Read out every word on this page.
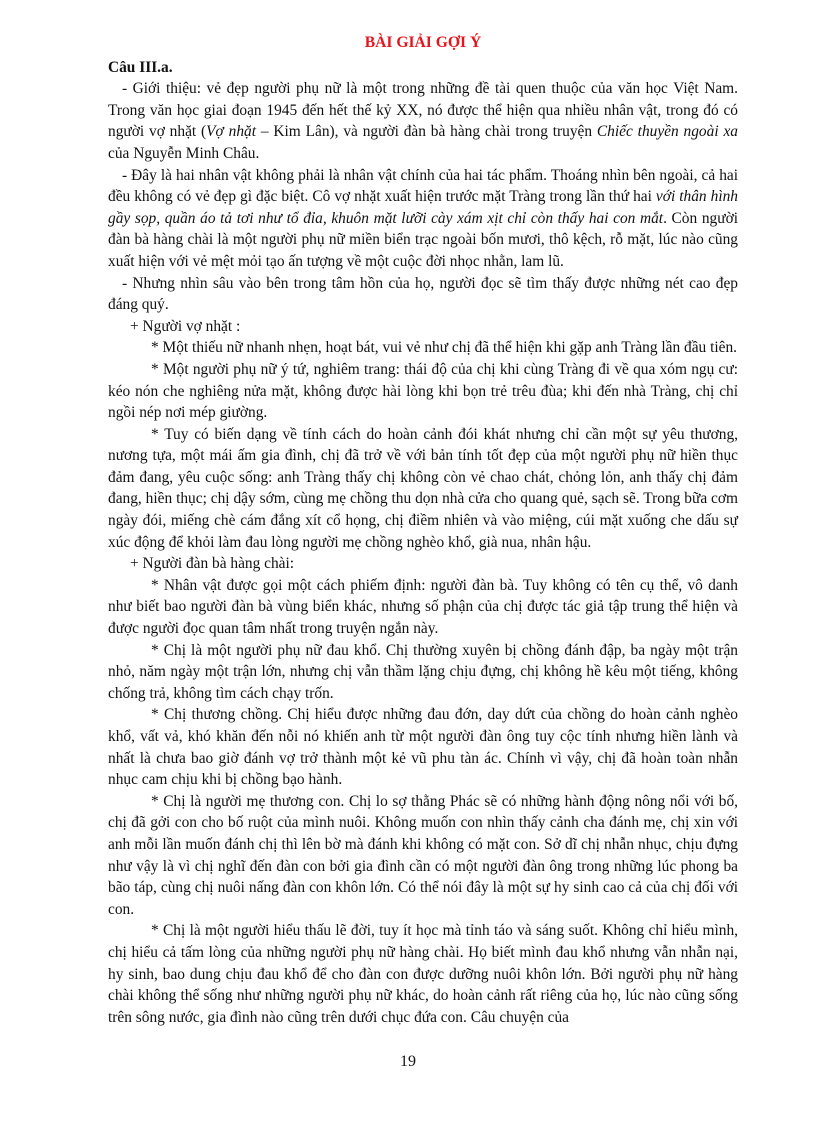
BÀI GIẢI GỢI Ý
Câu III.a.

- Giới thiệu: vẻ đẹp người phụ nữ là một trong những đề tài quen thuộc của văn học Việt Nam. Trong văn học giai đoạn 1945 đến hết thế kỷ XX, nó được thể hiện qua nhiều nhân vật, trong đó có người vợ nhặt (Vợ nhặt – Kim Lân), và người đàn bà hàng chài trong truyện Chiếc thuyền ngoài xa của Nguyễn Minh Châu.

- Đây là hai nhân vật không phải là nhân vật chính của hai tác phẩm. Thoáng nhìn bên ngoài, cả hai đều không có vẻ đẹp gì đặc biệt. Cô vợ nhặt xuất hiện trước mặt Tràng trong lần thứ hai với thân hình gầy sọp, quần áo tả tơi như tổ đỉa, khuôn mặt lưỡi cày xám xịt chỉ còn thấy hai con mắt. Còn người đàn bà hàng chài là một người phụ nữ miền biển trạc ngoài bốn mươi, thô kệch, rỗ mặt, lúc nào cũng xuất hiện với vẻ mệt mỏi tạo ấn tượng về một cuộc đời nhọc nhằn, lam lũ.

- Nhưng nhìn sâu vào bên trong tâm hồn của họ, người đọc sẽ tìm thấy được những nét cao đẹp đáng quý.

+ Người vợ nhặt :

* Một thiếu nữ nhanh nhẹn, hoạt bát, vui vẻ như chị đã thể hiện khi gặp anh Tràng lần đầu tiên.

* Một người phụ nữ ý tứ, nghiêm trang: thái độ của chị khi cùng Tràng đi về qua xóm ngụ cư: kéo nón che nghiêng nửa mặt, không được hài lòng khi bọn trẻ trêu đùa; khi đến nhà Tràng, chị chỉ ngồi nép nơi mép giường.

* Tuy có biến dạng về tính cách do hoàn cảnh đói khát nhưng chỉ cần một sự yêu thương, nương tựa, một mái ấm gia đình, chị đã trở về với bản tính tốt đẹp của một người phụ nữ hiền thục đảm đang, yêu cuộc sống: anh Tràng thấy chị không còn vẻ chao chát, chỏng lỏn, anh thấy chị đảm đang, hiền thục; chị dậy sớm, cùng mẹ chồng thu dọn nhà cửa cho quang quẻ, sạch sẽ. Trong bữa cơm ngày đói, miếng chè cám đắng xít cổ họng, chị điềm nhiên và vào miệng, cúi mặt xuống che dấu sự xúc động để khỏi làm đau lòng người mẹ chồng nghèo khổ, già nua, nhân hậu.

+ Người đàn bà hàng chài:

* Nhân vật được gọi một cách phiếm định: người đàn bà. Tuy không có tên cụ thể, vô danh như biết bao người đàn bà vùng biển khác, nhưng số phận của chị được tác giả tập trung thể hiện và được người đọc quan tâm nhất trong truyện ngắn này.

* Chị là một người phụ nữ đau khổ. Chị thường xuyên bị chồng đánh đập, ba ngày một trận nhỏ, năm ngày một trận lớn, nhưng chị vẫn thầm lặng chịu đựng, chị không hề kêu một tiếng, không chống trả, không tìm cách chạy trốn.

* Chị thương chồng. Chị hiểu được những đau đớn, day dứt của chồng do hoàn cảnh nghèo khổ, vất vả, khó khăn đến nỗi nó khiến anh từ một người đàn ông tuy cộc tính nhưng hiền lành và nhất là chưa bao giờ đánh vợ trở thành một kẻ vũ phu tàn ác. Chính vì vậy, chị đã hoàn toàn nhẫn nhục cam chịu khi bị chồng bạo hành.

* Chị là người mẹ thương con. Chị lo sợ thằng Phác sẽ có những hành động nông nổi với bố, chị đã gởi con cho bố ruột của mình nuôi. Không muốn con nhìn thấy cảnh cha đánh mẹ, chị xin với anh mỗi lần muốn đánh chị thì lên bờ mà đánh khi không có mặt con. Sở dĩ chị nhẫn nhục, chịu đựng như vậy là vì chị nghĩ đến đàn con bởi gia đình cần có một người đàn ông trong những lúc phong ba bão táp, cùng chị nuôi nấng đàn con khôn lớn. Có thể nói đây là một sự hy sinh cao cả của chị đối với con.

* Chị là một người hiểu thấu lẽ đời, tuy ít học mà tỉnh táo và sáng suốt. Không chỉ hiểu mình, chị hiểu cả tấm lòng của những người phụ nữ hàng chài. Họ biết mình đau khổ nhưng vẫn nhẫn nại, hy sinh, bao dung chịu đau khổ để cho đàn con được dưỡng nuôi khôn lớn. Bởi người phụ nữ hàng chài không thể sống như những người phụ nữ khác, do hoàn cảnh rất riêng của họ, lúc nào cũng sống trên sông nước, gia đình nào cũng trên dưới chục đứa con. Câu chuyện của

19
